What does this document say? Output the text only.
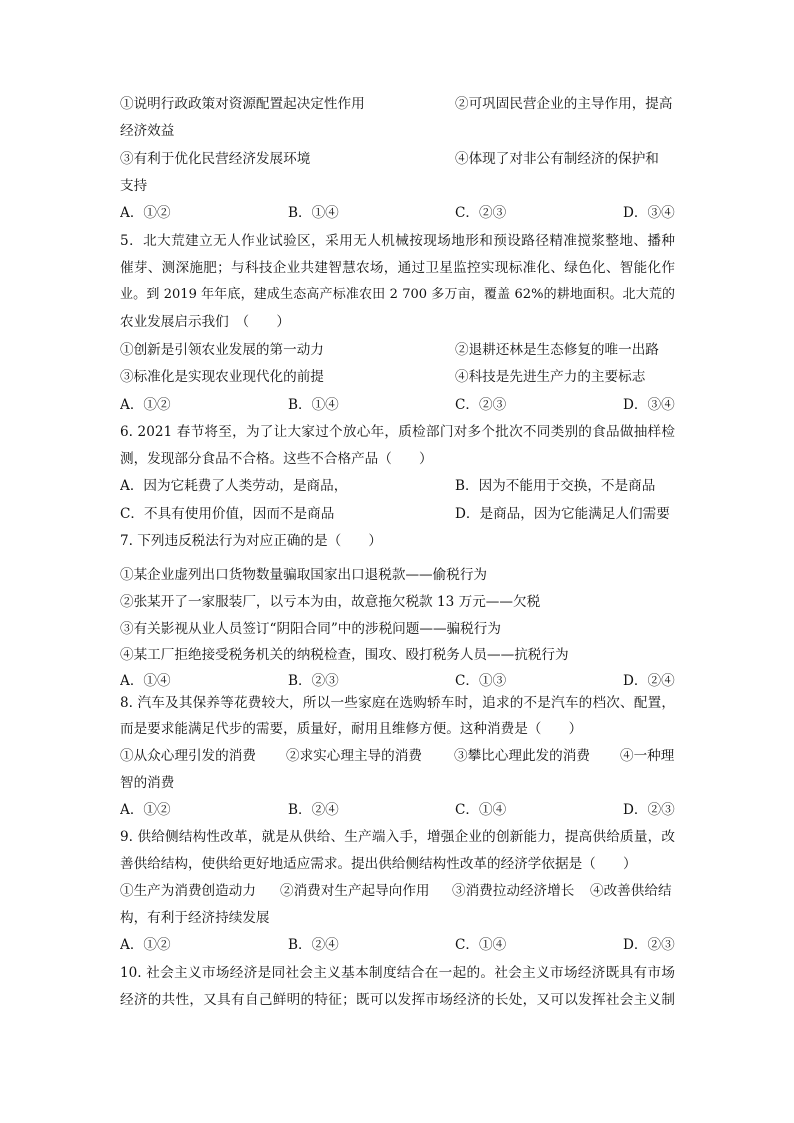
①说明行政政策对资源配置起决定性作用	②可巩固民营企业的主导作用，提高
经济效益
③有利于优化民营经济发展环境	④体现了对非公有制经济的保护和
支持
A．①②	B．①④	C．②③	D．③④
5．北大荒建立无人作业试验区，采用无人机械按现场地形和预设路径精准搅浆整地、播种
催芽、测深施肥；与科技企业共建智慧农场，通过卫星监控实现标准化、绿色化、智能化作
业。到 2019 年年底，建成生态高产标准农田 2 700 多万亩，覆盖 62%的耕地面积。北大荒的
农业发展启示我们　（　　）
①创新是引领农业发展的第一动力	②退耕还林是生态修复的唯一出路
③标准化是实现农业现代化的前提	④科技是先进生产力的主要标志
A．①②	B．①④	C．②③	D．③④
6. 2021 春节将至，为了让大家过个放心年，质检部门对多个批次不同类别的食品做抽样检
测，发现部分食品不合格。这些不合格产品（　　）
A．因为它耗费了人类劳动，是商品，	B．因为不能用于交换，不是商品
C．不具有使用价值，因而不是商品	D．是商品，因为它能满足人们需要
7. 下列违反税法行为对应正确的是（　　）
①某企业虚列出口货物数量骗取国家出口退税款——偷税行为
②张某开了一家服装厂，以亏本为由，故意拖欠税款 13 万元——欠税
③有关影视从业人员签订“阴阳合同”中的涉税问题——骗税行为
④某工厂拒绝接受税务机关的纳税检查，围攻、殴打税务人员——抗税行为
A．①④	B．②③	C．①③	D．②④
8. 汽车及其保养等花费较大，所以一些家庭在选购轿车时，追求的不是汽车的档次、配置，
而是要求能满足代步的需要，质量好，耐用且维修方便。这种消费是（　　）
①从众心理引发的消费 ②求实心理主导的消费 ③攀比心理此发的消费 ④一种理
智的消费
A．①②	B．②④	C．①④	D．②③
9. 供给侧结构性改革，就是从供给、生产端入手，增强企业的创新能力，提高供给质量，改
善供给结构，使供给更好地适应需求。提出供给侧结构性改革的经济学依据是（　　）
①生产为消费创造动力 ②消费对生产起导向作用 ③消费拉动经济增长 ④改善供给结
构，有利于经济持续发展
A．①②	B．②④	C．①④	D．②③
10. 社会主义市场经济是同社会主义基本制度结合在一起的。社会主义市场经济既具有市场
经济的共性，又具有自己鲜明的特征；既可以发挥市场经济的长处，又可以发挥社会主义制
